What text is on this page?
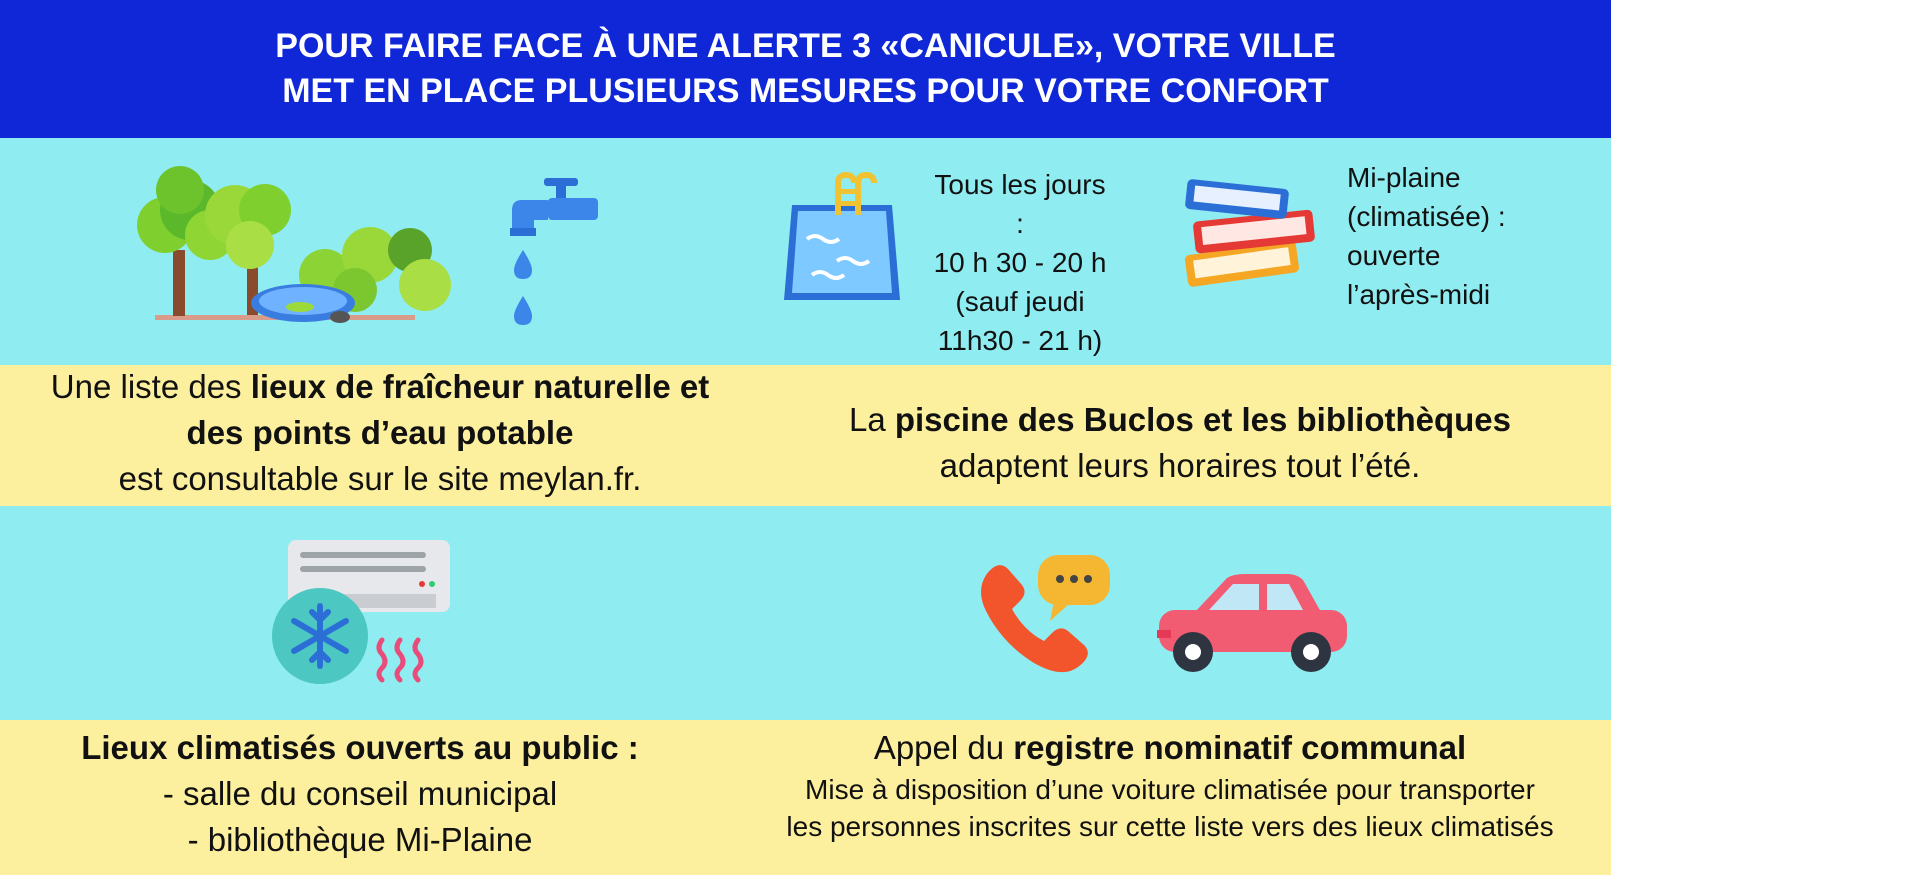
POUR FAIRE FACE À UNE ALERTE 3 «CANICULE», VOTRE VILLE
MET EN PLACE PLUSIEURS MESURES POUR VOTRE CONFORT
Tous les jours :
10 h 30 - 20 h
(sauf jeudi
11h30 - 21 h)
Mi-plaine
(climatisée) :
ouverte
l’après-midi
Une liste des lieux de fraîcheur naturelle et
des points d’eau potable
est consultable sur le site meylan.fr.
La piscine des Buclos et les bibliothèques
adaptent leurs horaires tout l’été.
Lieux climatisés ouverts au public :
- salle du conseil municipal
- bibliothèque Mi-Plaine
Appel du registre nominatif communal
Mise à disposition d’une voiture climatisée pour transporter
les personnes inscrites sur cette liste vers des lieux climatisés
